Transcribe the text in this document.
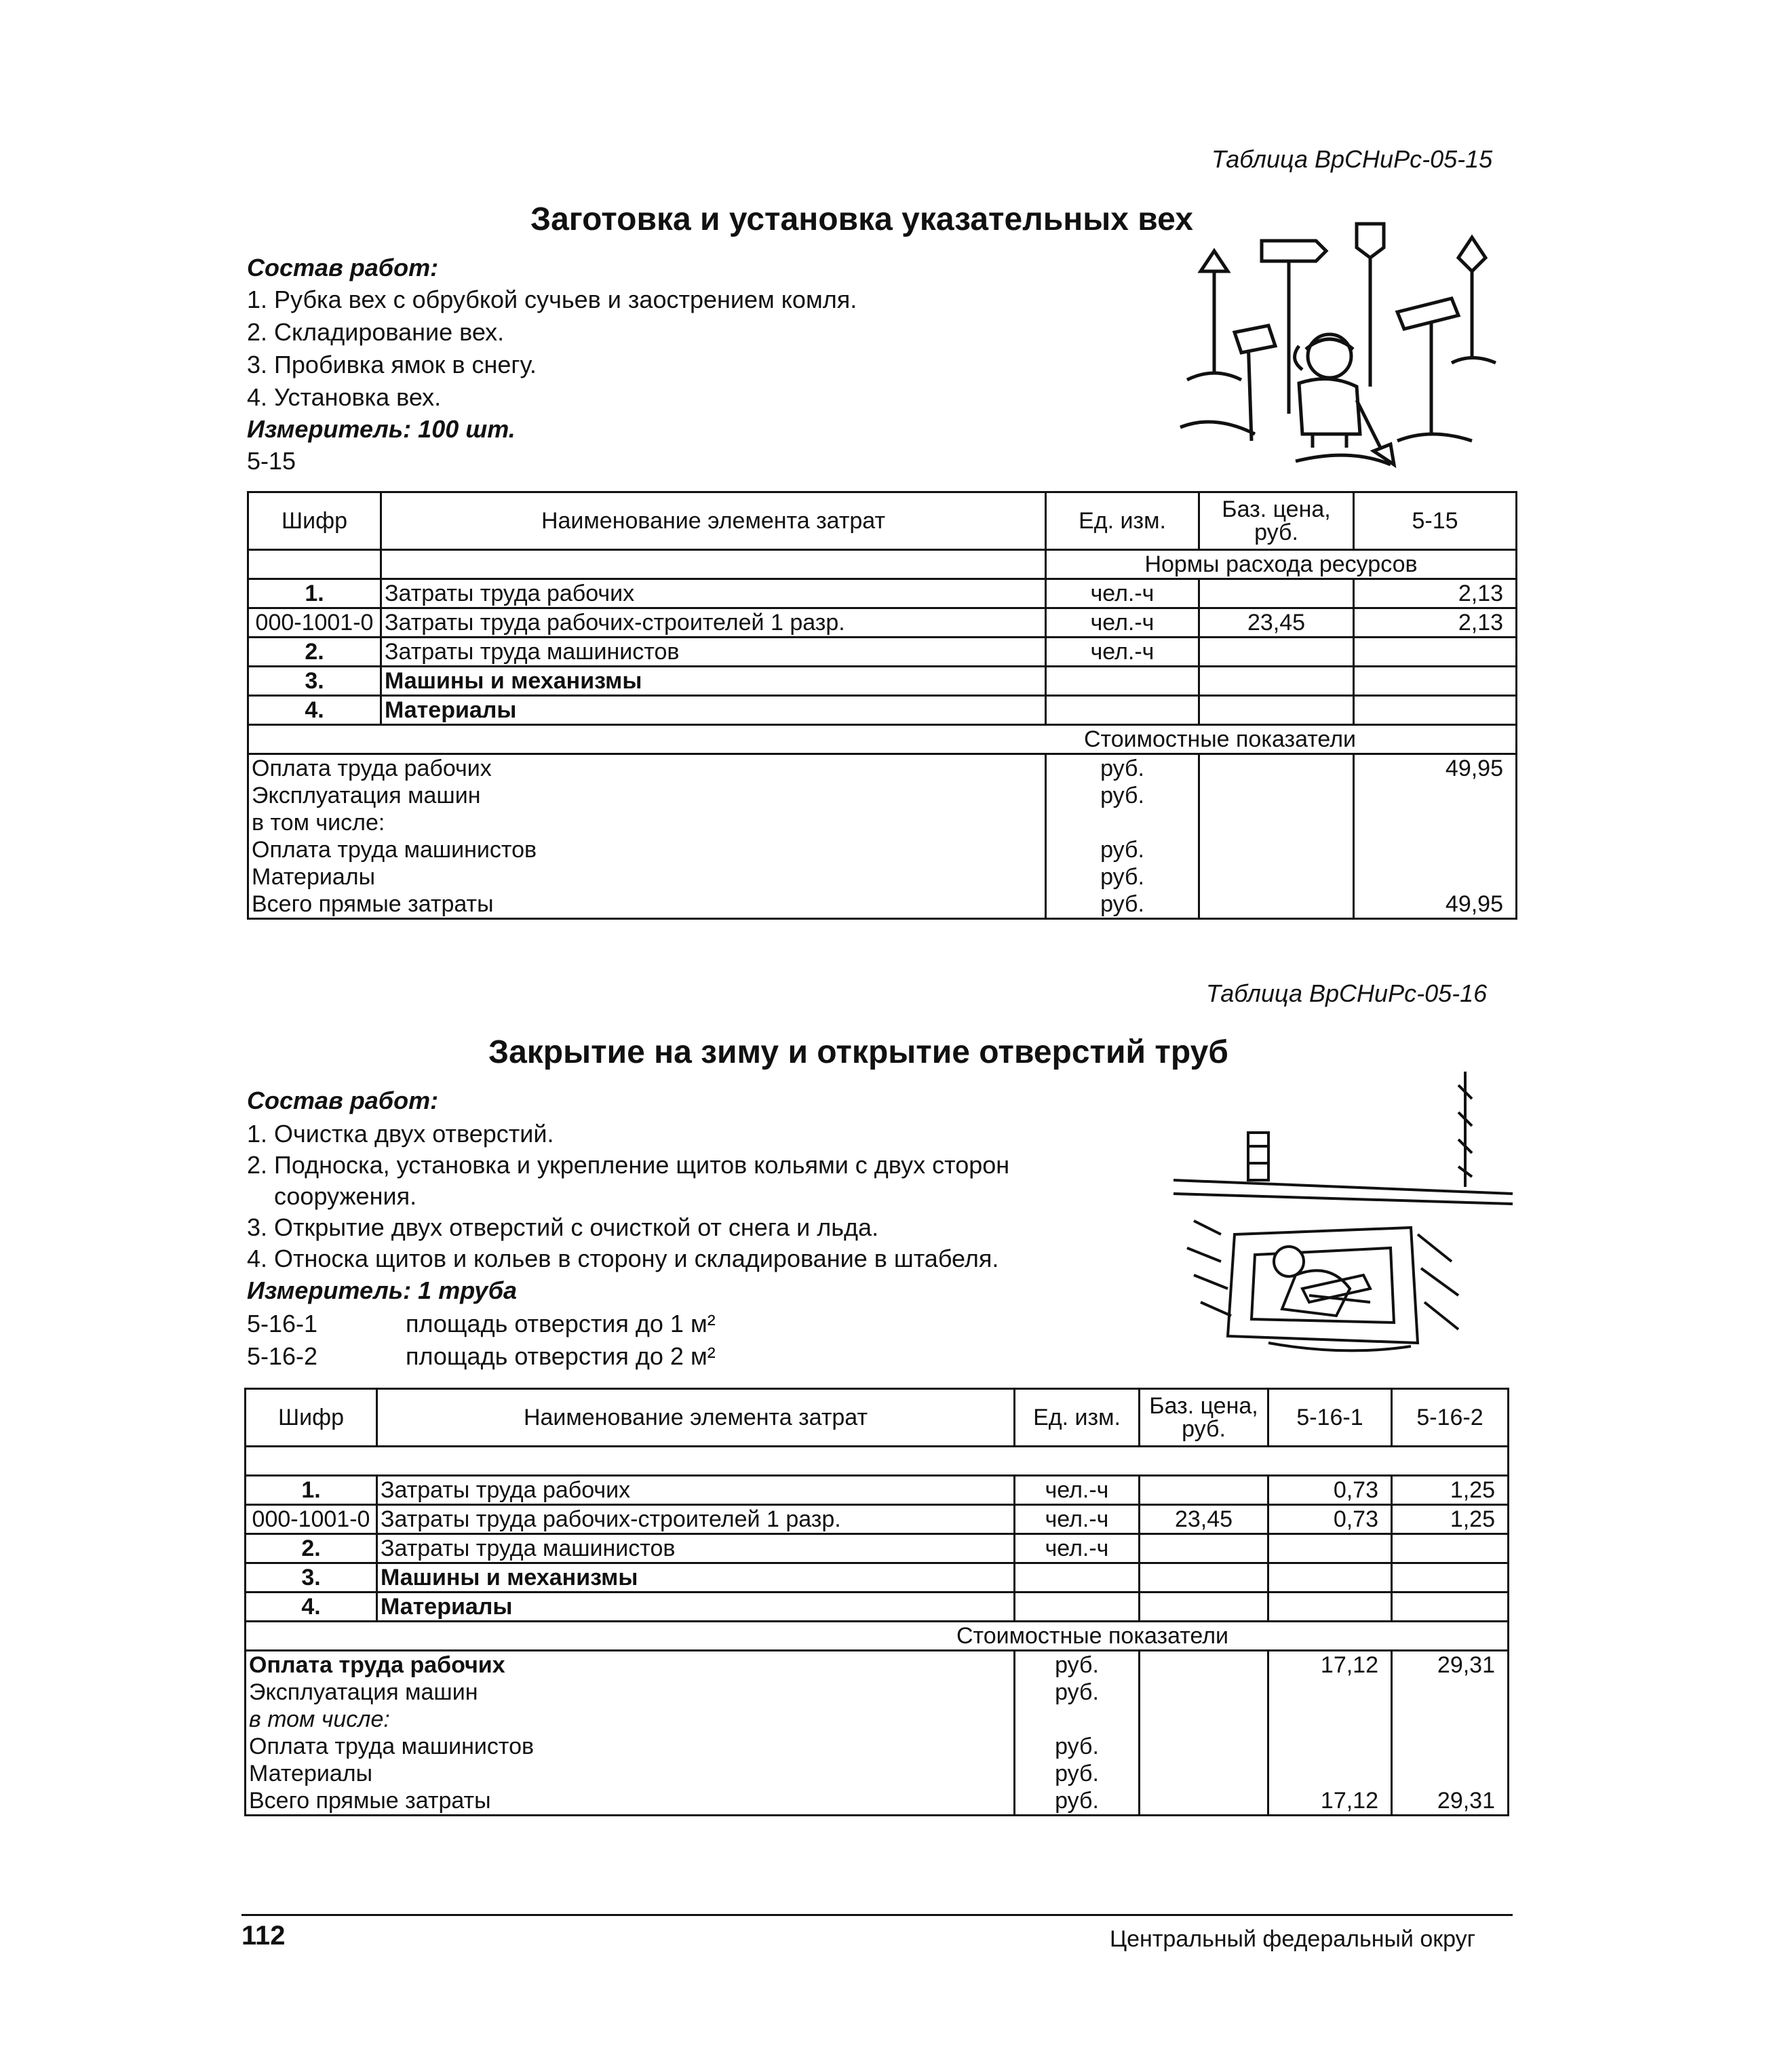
Таблица ВрСНиРс-05-15
Заготовка и установка указательных вех
Состав работ:
1. Рубка вех с обрубкой сучьев и заострением комля.
2. Складирование вех.
3. Пробивка ямок в снегу.
4. Установка вех.
Измеритель: 100 шт.
5-15
Шифр	Наименование элемента затрат	Ед. изм.	Баз. цена, руб.	5-15
		Нормы расхода ресурсов		
1.	Затраты труда рабочих	чел.-ч		2,13
000-1001-0	Затраты труда рабочих-строителей 1 разр.	чел.-ч	23,45	2,13
2.	Затраты труда машинистов	чел.-ч		
3.	Машины и механизмы			
4.	Материалы			
Стоимостные показатели				
Оплата труда рабочих		руб.		49,95
Эксплуатация машин		руб.		
в том числе:				
Оплата труда машинистов		руб.		
Материалы		руб.		
Всего прямые затраты		руб.		49,95
Таблица ВрСНиРс-05-16
Закрытие на зиму и открытие отверстий труб
Состав работ:
1. Очистка двух отверстий.
2. Подноска, установка и укрепление щитов кольями с двух сторон
сооружения.
3. Открытие двух отверстий с очисткой от снега и льда.
4. Относка щитов и кольев в сторону и складирование в штабеля.
Измеритель: 1 труба
5-16-1	площадь отверстия до 1 м²
5-16-2	площадь отверстия до 2 м²
Шифр	Наименование элемента затрат	Ед. изм.	Баз. цена, руб.	5-16-1	5-16-2

1.	Затраты труда рабочих	чел.-ч		0,73	1,25
000-1001-0	Затраты труда рабочих-строителей 1 разр.	чел.-ч	23,45	0,73	1,25
2.	Затраты труда машинистов	чел.-ч			
3.	Машины и механизмы				
4.	Материалы				
Стоимостные показатели					
Оплата труда рабочих		руб.		17,12	29,31
Эксплуатация машин		руб.			
в том числе:					
Оплата труда машинистов		руб.			
Материалы		руб.			
Всего прямые затраты		руб.		17,12	29,31
112	Центральный федеральный округ
